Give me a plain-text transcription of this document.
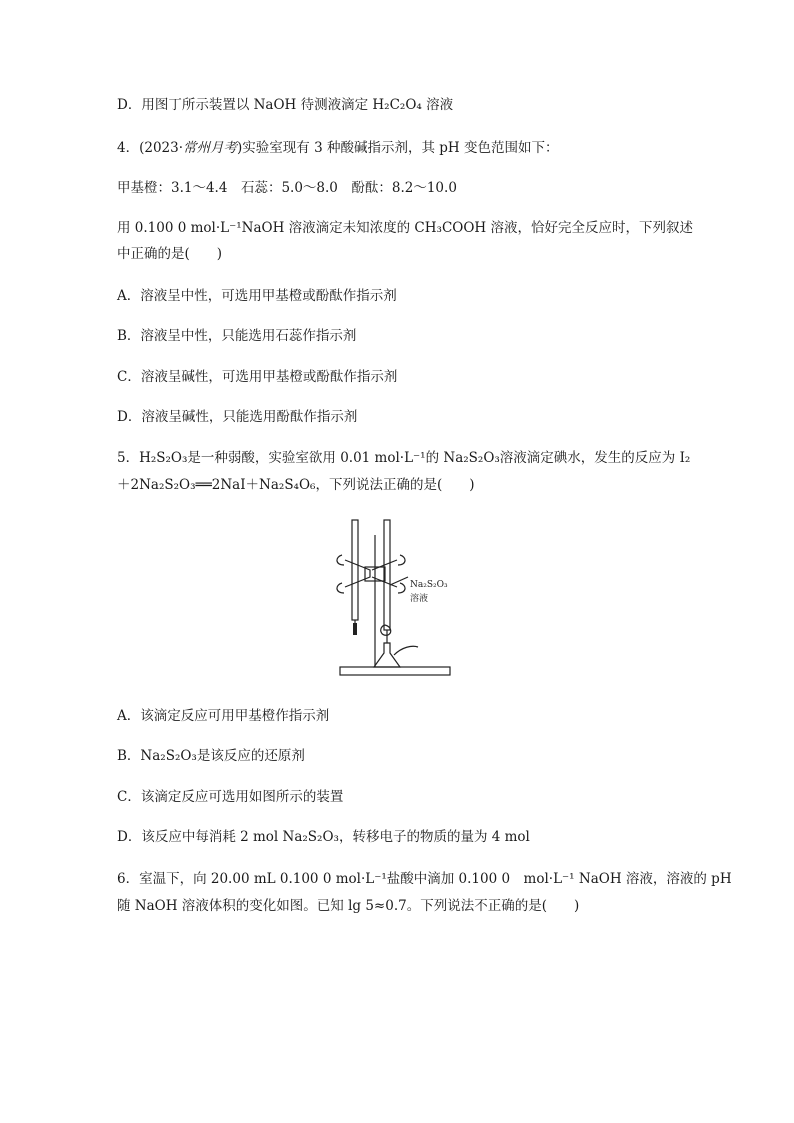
D．用图丁所示装置以 NaOH 待测液滴定 H₂C₂O₄ 溶液
4．(2023·常州月考)实验室现有 3 种酸碱指示剂，其 pH 变色范围如下：
甲基橙：3.1～4.4　石蕊：5.0～8.0　酚酞：8.2～10.0
用 0.100 0 mol·L⁻¹NaOH 溶液滴定未知浓度的 CH₃COOH 溶液，恰好完全反应时，下列叙述
中正确的是(　　)
A．溶液呈中性，可选用甲基橙或酚酞作指示剂
B．溶液呈中性，只能选用石蕊作指示剂
C．溶液呈碱性，可选用甲基橙或酚酞作指示剂
D．溶液呈碱性，只能选用酚酞作指示剂
5．H₂S₂O₃是一种弱酸，实验室欲用 0.01 mol·L⁻¹的 Na₂S₂O₃溶液滴定碘水，发生的反应为 I₂
＋2Na₂S₂O₃══2NaI＋Na₂S₄O₆，下列说法正确的是(　　)
Na₂S₂O₃
溶液
A．该滴定反应可用甲基橙作指示剂
B．Na₂S₂O₃是该反应的还原剂
C．该滴定反应可选用如图所示的装置
D．该反应中每消耗 2 mol Na₂S₂O₃，转移电子的物质的量为 4 mol
6．室温下，向 20.00 mL 0.100 0 mol·L⁻¹盐酸中滴加 0.100 0　mol·L⁻¹ NaOH 溶液，溶液的 pH
随 NaOH 溶液体积的变化如图。已知 lg 5≈0.7。下列说法不正确的是(　　)
